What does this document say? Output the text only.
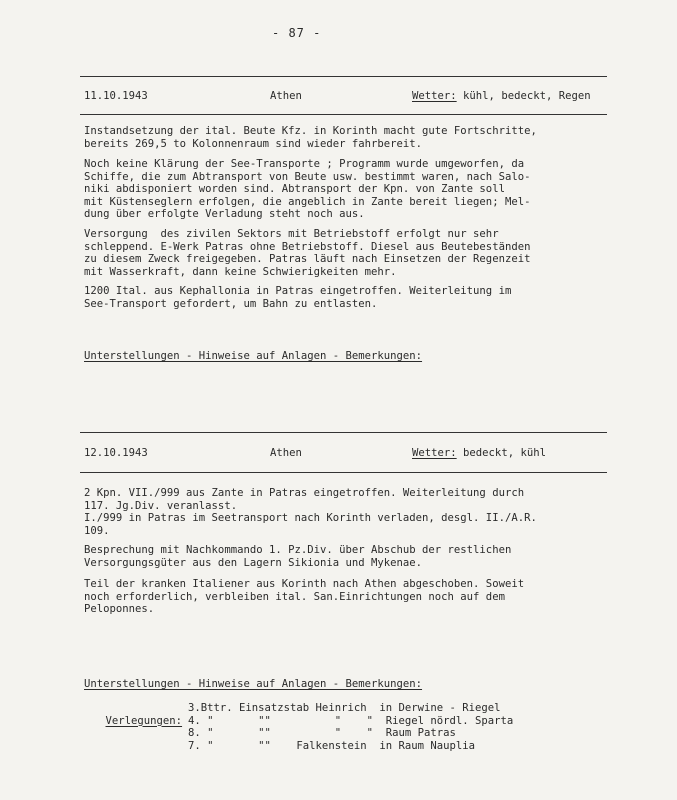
- 87 -
11.10.1943	Athen	Wetter: kühl, bedeckt, Regen
Instandsetzung der ital. Beute Kfz. in Korinth macht gute Fortschritte,
bereits 269,5 to Kolonnenraum sind wieder fahrbereit.
Noch keine Klärung der See-Transporte ; Programm wurde umgeworfen, da
Schiffe, die zum Abtransport von Beute usw. bestimmt waren, nach Salo-
niki abdisponiert worden sind. Abtransport der Kpn. von Zante soll
mit Küstenseglern erfolgen, die angeblich in Zante bereit liegen; Mel-
dung über erfolgte Verladung steht noch aus.
Versorgung  des zivilen Sektors mit Betriebstoff erfolgt nur sehr
schleppend. E-Werk Patras ohne Betriebstoff. Diesel aus Beutebeständen
zu diesem Zweck freigegeben. Patras läuft nach Einsetzen der Regenzeit
mit Wasserkraft, dann keine Schwierigkeiten mehr.
1200 Ital. aus Kephallonia in Patras eingetroffen. Weiterleitung im
See-Transport gefordert, um Bahn zu entlasten.
Unterstellungen - Hinweise auf Anlagen - Bemerkungen:
12.10.1943	Athen	Wetter: bedeckt, kühl
2 Kpn. VII./999 aus Zante in Patras eingetroffen. Weiterleitung durch
117. Jg.Div. veranlasst.
I./999 in Patras im Seetransport nach Korinth verladen, desgl. II./A.R.
109.
Besprechung mit Nachkommando 1. Pz.Div. über Abschub der restlichen
Versorgungsgüter aus den Lagern Sikionia und Mykenae.
Teil der kranken Italiener aus Korinth nach Athen abgeschoben. Soweit
noch erforderlich, verbleiben ital. San.Einrichtungen noch auf dem
Peloponnes.
Unterstellungen - Hinweise auf Anlagen - Bemerkungen:

Verlegungen:

3.Bttr. Einsatzstab Heinrich  in Derwine - Riegel
4. "       ""          "    "  Riegel nördl. Sparta
8. "       ""          "    "  Raum Patras
7. "       ""    Falkenstein  in Raum Nauplia
